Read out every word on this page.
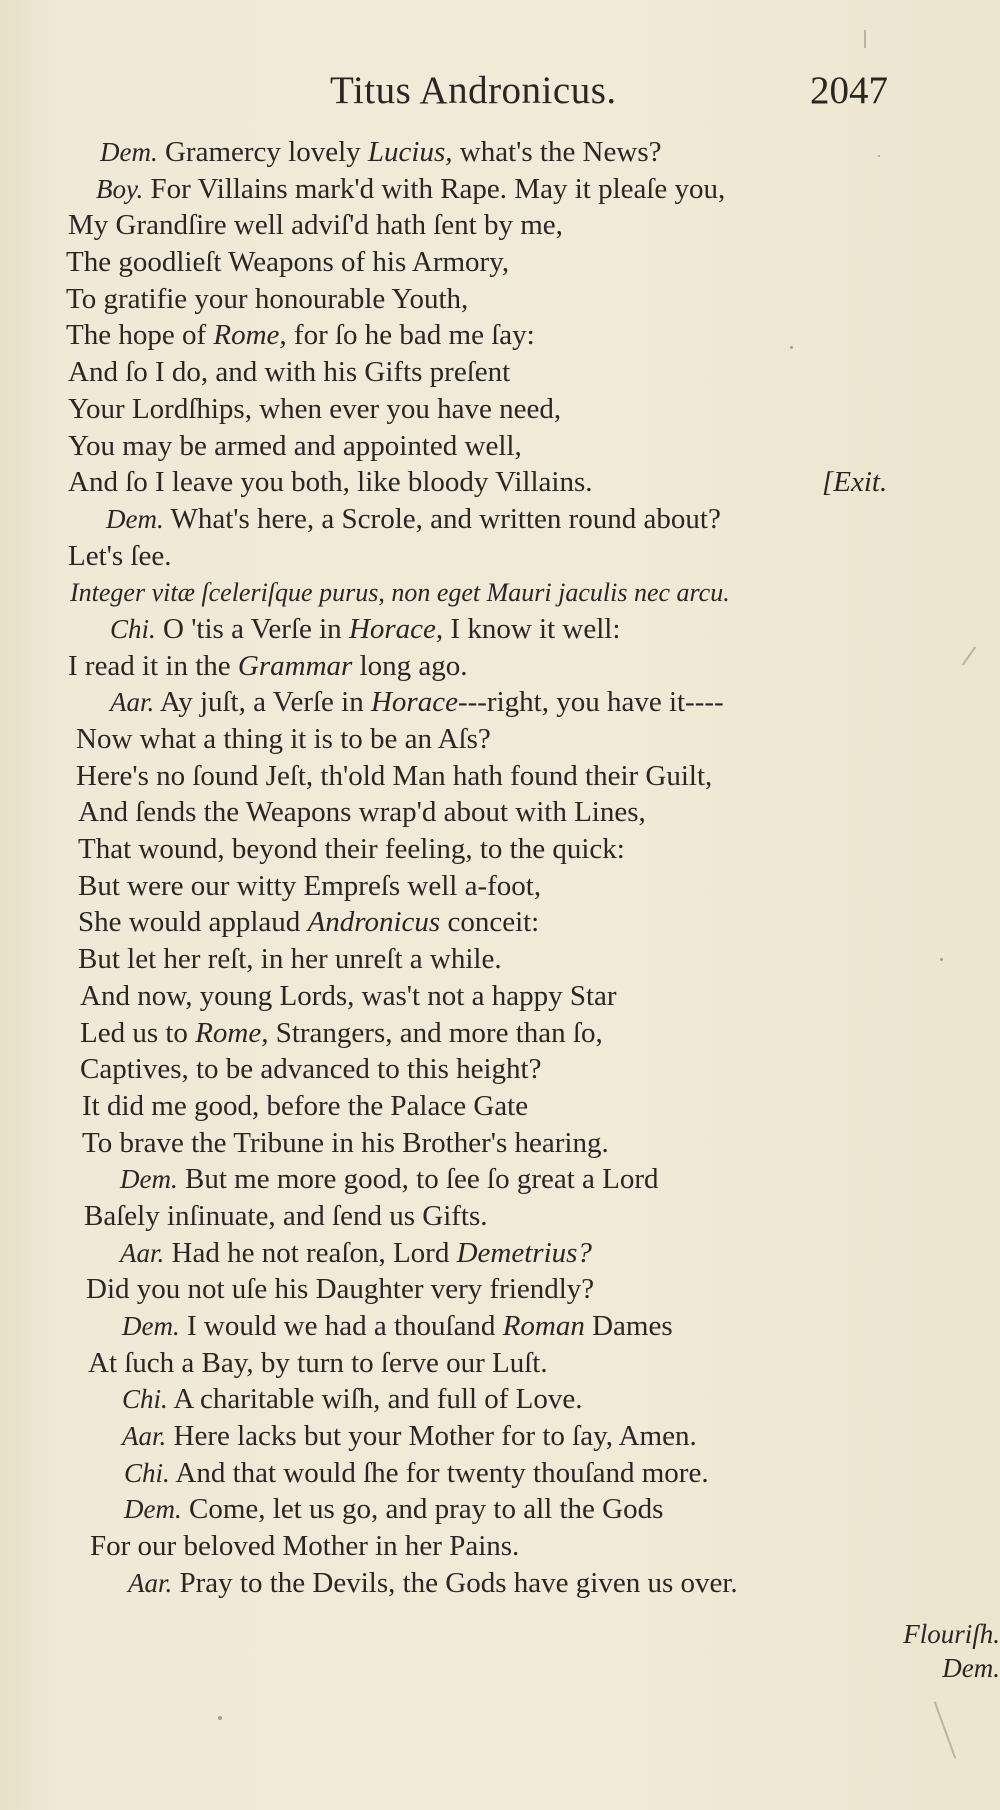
Titus Andronicus.	2047
Dem. Gramercy lovely Lucius, what's the News?
Boy. For Villains mark'd with Rape. May it pleaſe you,
My Grandſire well adviſ'd hath ſent by me,
The goodlieſt Weapons of his Armory,
To gratifie your honourable Youth,
The hope of Rome, for ſo he bad me ſay:
And ſo I do, and with his Gifts preſent
Your Lordſhips, when ever you have need,
You may be armed and appointed well,
And ſo I leave you both, like bloody Villains.	[Exit.
Dem. What's here, a Scrole, and written round about?
Let's ſee.
Integer vitæ ſceleriſque purus, non eget Mauri jaculis nec arcu.
Chi. O 'tis a Verſe in Horace, I know it well:
I read it in the Grammar long ago.
Aar. Ay juſt, a Verſe in Horace---right, you have it----
Now what a thing it is to be an Aſs?
Here's no ſound Jeſt, th'old Man hath found their Guilt,
And ſends the Weapons wrap'd about with Lines,
That wound, beyond their feeling, to the quick:
But were our witty Empreſs well a-foot,
She would applaud Andronicus conceit:
But let her reſt, in her unreſt a while.
And now, young Lords, was't not a happy Star
Led us to Rome, Strangers, and more than ſo,
Captives, to be advanced to this height?
It did me good, before the Palace Gate
To brave the Tribune in his Brother's hearing.
Dem. But me more good, to ſee ſo great a Lord
Baſely inſinuate, and ſend us Gifts.
Aar. Had he not reaſon, Lord Demetrius?
Did you not uſe his Daughter very friendly?
Dem. I would we had a thouſand Roman Dames
At ſuch a Bay, by turn to ſerve our Luſt.
Chi. A charitable wiſh, and full of Love.
Aar. Here lacks but your Mother for to ſay, Amen.
Chi. And that would ſhe for twenty thouſand more.
Dem. Come, let us go, and pray to all the Gods
For our beloved Mother in her Pains.
Aar. Pray to the Devils, the Gods have given us over.
Flouriſh.
Dem.
